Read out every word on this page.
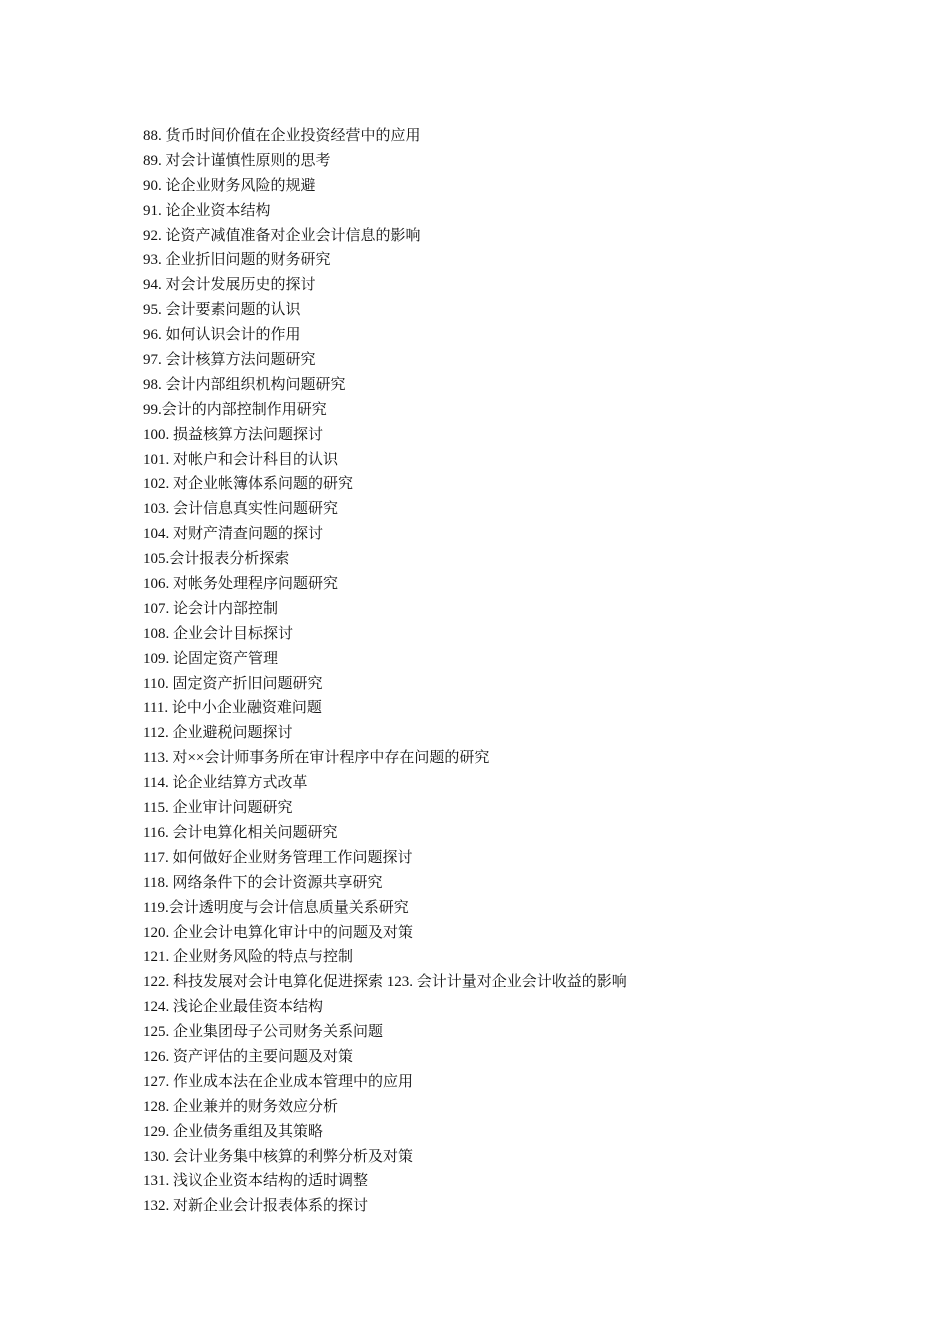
88. 货币时间价值在企业投资经营中的应用
89. 对会计谨慎性原则的思考
90. 论企业财务风险的规避
91. 论企业资本结构
92. 论资产减值准备对企业会计信息的影响
93. 企业折旧问题的财务研究
94. 对会计发展历史的探讨
95. 会计要素问题的认识
96. 如何认识会计的作用
97. 会计核算方法问题研究
98. 会计内部组织机构问题研究
99.会计的内部控制作用研究
100. 损益核算方法问题探讨
101. 对帐户和会计科目的认识
102. 对企业帐簿体系问题的研究
103. 会计信息真实性问题研究
104. 对财产清查问题的探讨
105.会计报表分析探索
106. 对帐务处理程序问题研究
107. 论会计内部控制
108. 企业会计目标探讨
109. 论固定资产管理
110. 固定资产折旧问题研究
111. 论中小企业融资难问题
112. 企业避税问题探讨
113. 对××会计师事务所在审计程序中存在问题的研究
114. 论企业结算方式改革
115. 企业审计问题研究
116. 会计电算化相关问题研究
117. 如何做好企业财务管理工作问题探讨
118. 网络条件下的会计资源共享研究
119.会计透明度与会计信息质量关系研究
120. 企业会计电算化审计中的问题及对策
121. 企业财务风险的特点与控制
122. 科技发展对会计电算化促进探索 123. 会计计量对企业会计收益的影响
124. 浅论企业最佳资本结构
125. 企业集团母子公司财务关系问题
126. 资产评估的主要问题及对策
127. 作业成本法在企业成本管理中的应用
128. 企业兼并的财务效应分析
129. 企业债务重组及其策略
130. 会计业务集中核算的利弊分析及对策
131. 浅议企业资本结构的适时调整
132. 对新企业会计报表体系的探讨
